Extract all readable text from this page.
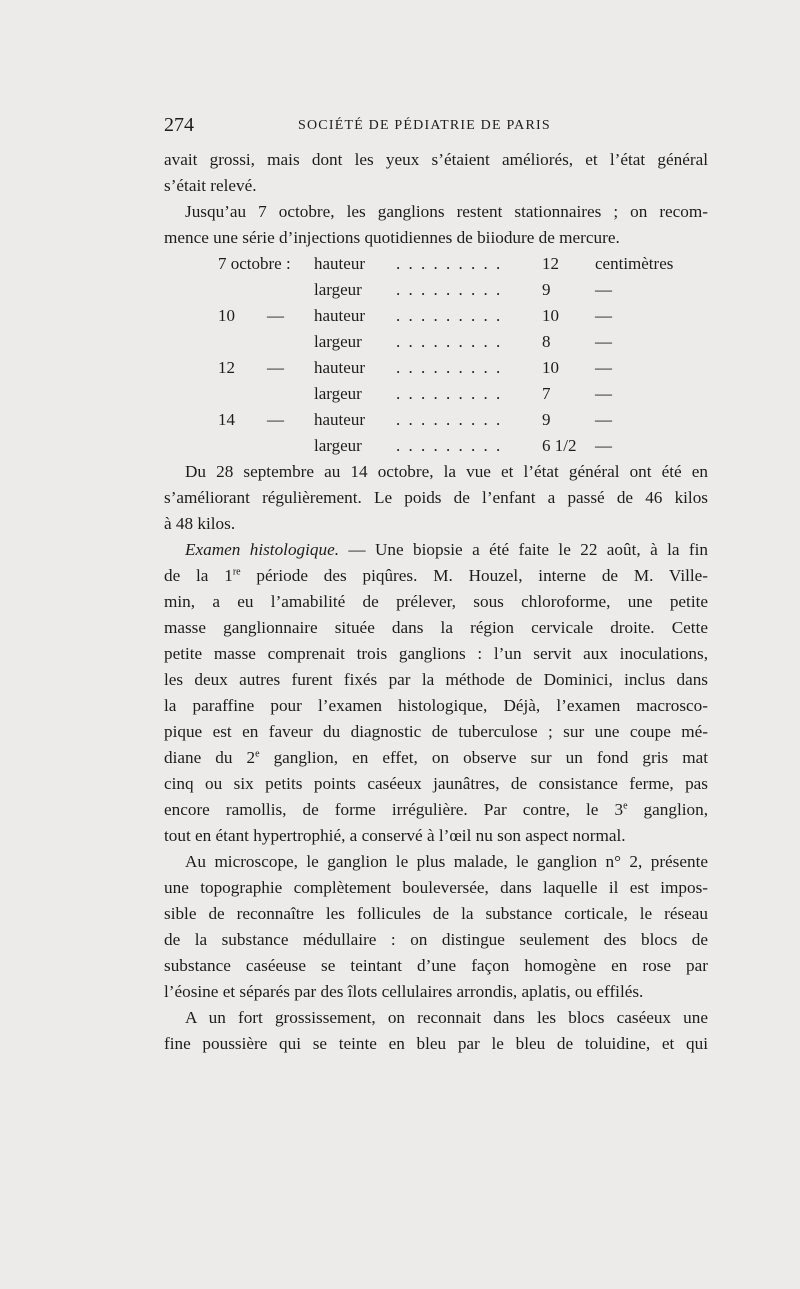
274	SOCIÉTÉ DE PÉDIATRIE DE PARIS

avait grossi, mais dont les yeux s’étaient améliorés, et l’état général

s’était relevé.

Jusqu’au 7 octobre, les ganglions restent stationnaires ; on recom-

mence une série d’injections quotidiennes de biiodure de mercure.

7 octobre : hauteur . . . . . . . . . 12	centimètres
largeur . . . . . . . . . 9	—
10 — hauteur . . . . . . . . . 10	—
largeur . . . . . . . . . 8	—
12 — hauteur . . . . . . . . . 10	—
largeur . . . . . . . . . 7	—
14 — hauteur . . . . . . . . . 9	—
largeur . . . . . . . . . 6 1/2	—

Du 28 septembre au 14 octobre, la vue et l’état général ont été en

s’améliorant régulièrement. Le poids de l’enfant a passé de 46 kilos

à 48 kilos.

Examen histologique. — Une biopsie a été faite le 22 août, à la fin

de la 1re période des piqûres. M. Houzel, interne de M. Ville-

min, a eu l’amabilité de prélever, sous chloroforme, une petite

masse ganglionnaire située dans la région cervicale droite. Cette

petite masse comprenait trois ganglions : l’un servit aux inoculations,

les deux autres furent fixés par la méthode de Dominici, inclus dans

la paraffine pour l’examen histologique, Déjà, l’examen macrosco-

pique est en faveur du diagnostic de tuberculose ; sur une coupe mé-

diane du 2e ganglion, en effet, on observe sur un fond gris mat

cinq ou six petits points caséeux jaunâtres, de consistance ferme, pas

encore ramollis, de forme irrégulière. Par contre, le 3e ganglion,

tout en étant hypertrophié, a conservé à l’œil nu son aspect normal.

Au microscope, le ganglion le plus malade, le ganglion n° 2, présente

une topographie complètement bouleversée, dans laquelle il est impos-

sible de reconnaître les follicules de la substance corticale, le réseau

de la substance médullaire : on distingue seulement des blocs de

substance caséeuse se teintant d’une façon homogène en rose par

l’éosine et séparés par des îlots cellulaires arrondis, aplatis, ou effilés.

A un fort grossissement, on reconnait dans les blocs caséeux une

fine poussière qui se teinte en bleu par le bleu de toluidine, et qui
